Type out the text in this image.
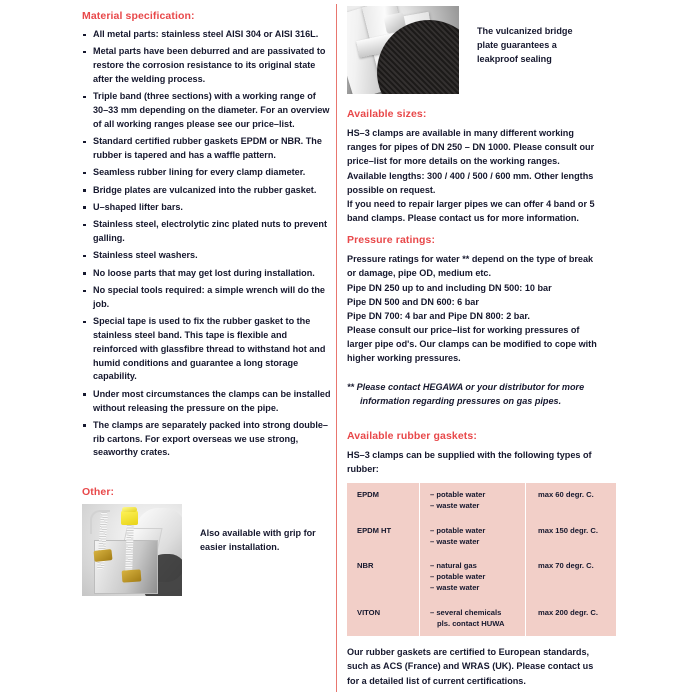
Material specification:
All metal parts: stainless steel AISI 304 or AISI 316L.
Metal parts have been deburred and are passivated to restore the corrosion resistance to its original state after the welding process.
Triple band (three sections) with a working range of 30–33 mm depending on the diameter. For an overview of all working ranges please see our price–list.
Standard certified rubber gaskets EPDM or NBR. The rubber is tapered and has a waffle pattern.
Seamless rubber lining for every clamp diameter.
Bridge plates are vulcanized into the rubber gasket.
U–shaped lifter bars.
Stainless steel, electrolytic zinc plated nuts to prevent galling.
Stainless steel washers.
No loose parts that may get lost during installation.
No special tools required: a simple wrench will do the job.
Special tape is used to fix the rubber gasket to the stainless steel band. This tape is flexible and reinforced with glassfibre thread to withstand hot and humid conditions and guarantee a long storage capability.
Under most circumstances the clamps can be installed without releasing the pressure on the pipe.
The clamps are separately packed into strong double–rib cartons. For export overseas we use strong, seaworthy crates.
Other:
Also available with grip for easier installation.
The vulcanized bridge plate guarantees a leakproof sealing
Available sizes:

HS–3 clamps are available in many different working ranges for pipes of DN 250 – DN 1000. Please consult our price–list for more details on the working ranges. Available lengths: 300 / 400 / 500 / 600 mm. Other lengths possible on request.

If you need to repair larger pipes we can offer 4 band or 5 band clamps. Please contact us for more information.

Pressure ratings:

Pressure ratings for water ** depend on the type of break or damage, pipe OD, medium etc.

Pipe DN 250 up to and including DN 500: 10 bar

Pipe DN 500 and DN 600: 6 bar

Pipe DN 700: 4 bar and Pipe DN 800: 2 bar.

Please consult our price–list for working pressures of larger pipe od's. Our clamps can be modified to cope with higher working pressures.

** Please contact HEGAWA or your distributor for more information regarding pressures on gas pipes.

Available rubber gaskets:

HS–3 clamps can be supplied with the following types of rubber:

EPDM	– potable water
– waste water	max 60 degr. C.
EPDM HT	– potable water
– waste water	max 150 degr. C.
NBR	– natural gas
– potable water
– waste water	max 70 degr. C.
VITON	– several chemicals
pls. contact HUWA	max 200 degr. C.

Our rubber gaskets are certified to European standards, such as ACS (France) and WRAS (UK). Please contact us for a detailed list of current certifications.
